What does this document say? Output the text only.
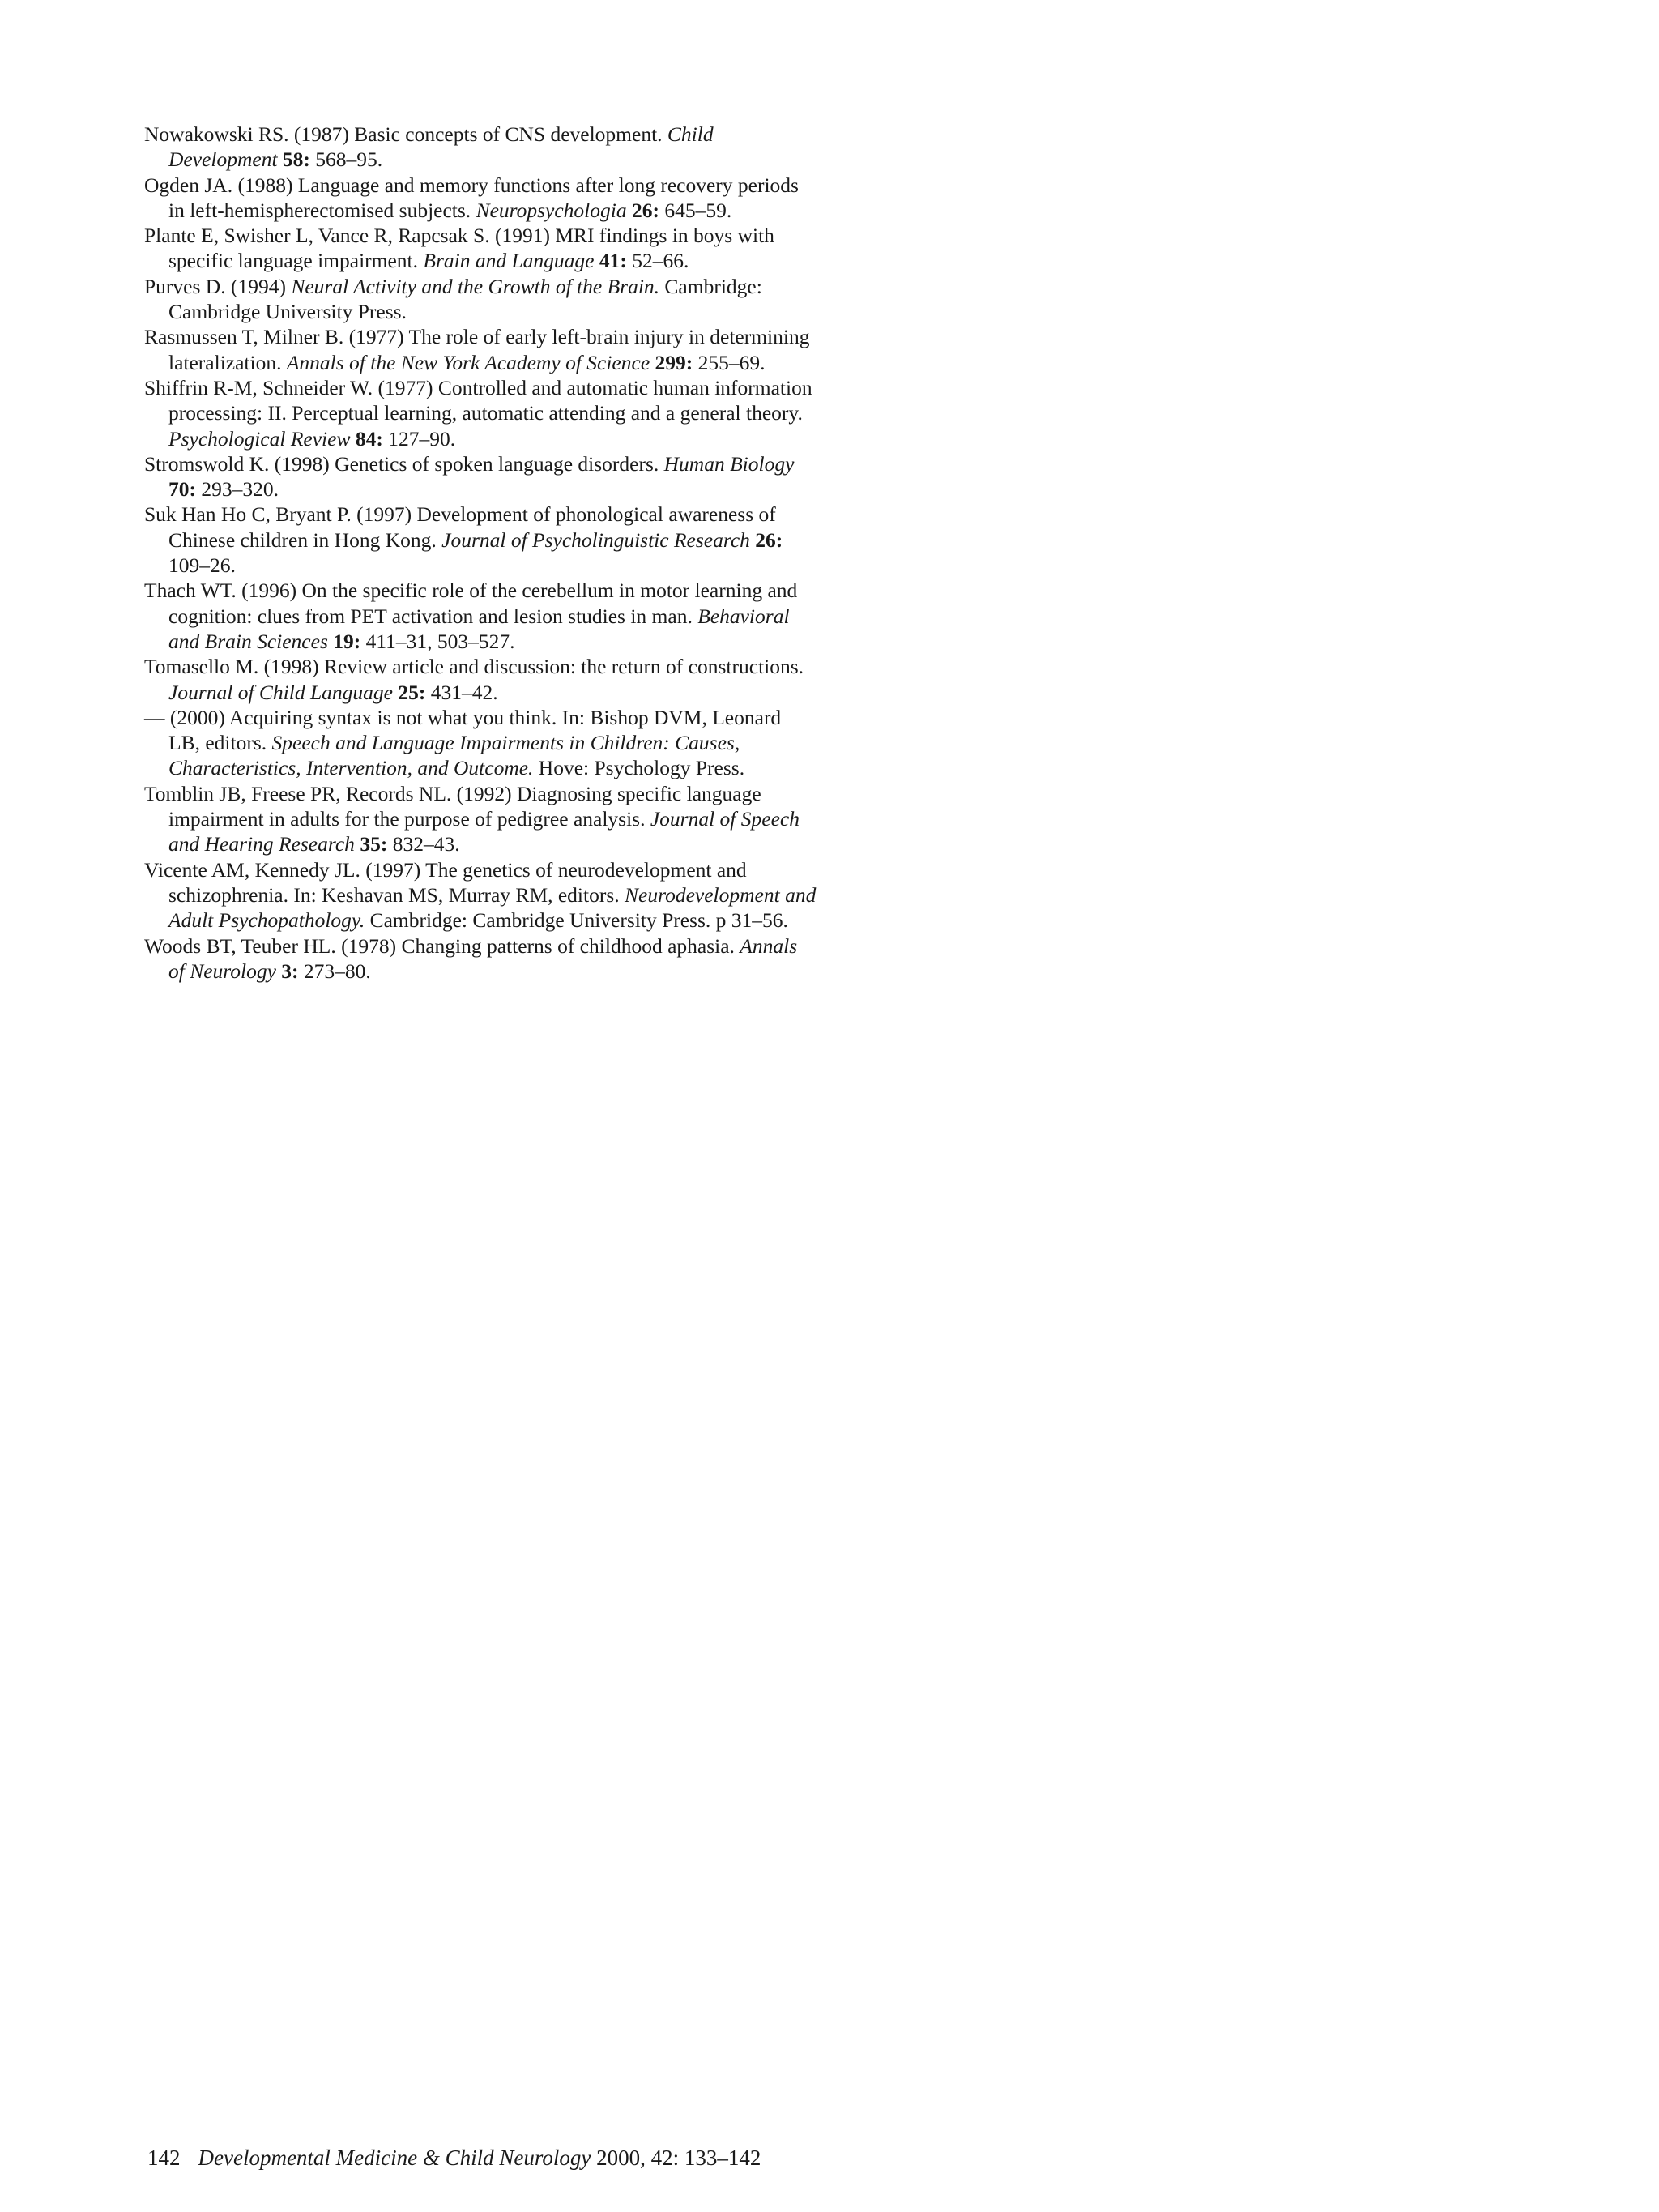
Nowakowski RS. (1987) Basic concepts of CNS development. Child Development 58: 568–95.

Ogden JA. (1988) Language and memory functions after long recovery periods in left-hemispherectomised subjects. Neuropsychologia 26: 645–59.

Plante E, Swisher L, Vance R, Rapcsak S. (1991) MRI findings in boys with specific language impairment. Brain and Language 41: 52–66.

Purves D. (1994) Neural Activity and the Growth of the Brain. Cambridge: Cambridge University Press.

Rasmussen T, Milner B. (1977) The role of early left-brain injury in determining lateralization. Annals of the New York Academy of Science 299: 255–69.

Shiffrin R-M, Schneider W. (1977) Controlled and automatic human information processing: II. Perceptual learning, automatic attending and a general theory. Psychological Review 84: 127–90.

Stromswold K. (1998) Genetics of spoken language disorders. Human Biology 70: 293–320.

Suk Han Ho C, Bryant P. (1997) Development of phonological awareness of Chinese children in Hong Kong. Journal of Psycholinguistic Research 26: 109–26.

Thach WT. (1996) On the specific role of the cerebellum in motor learning and cognition: clues from PET activation and lesion studies in man. Behavioral and Brain Sciences 19: 411–31, 503–527.

Tomasello M. (1998) Review article and discussion: the return of constructions. Journal of Child Language 25: 431–42.

— (2000) Acquiring syntax is not what you think. In: Bishop DVM, Leonard LB, editors. Speech and Language Impairments in Children: Causes, Characteristics, Intervention, and Outcome. Hove: Psychology Press.

Tomblin JB, Freese PR, Records NL. (1992) Diagnosing specific language impairment in adults for the purpose of pedigree analysis. Journal of Speech and Hearing Research 35: 832–43.

Vicente AM, Kennedy JL. (1997) The genetics of neurodevelopment and schizophrenia. In: Keshavan MS, Murray RM, editors. Neurodevelopment and Adult Psychopathology. Cambridge: Cambridge University Press. p 31–56.

Woods BT, Teuber HL. (1978) Changing patterns of childhood aphasia. Annals of Neurology 3: 273–80.

142 Developmental Medicine & Child Neurology 2000, 42: 133–142
